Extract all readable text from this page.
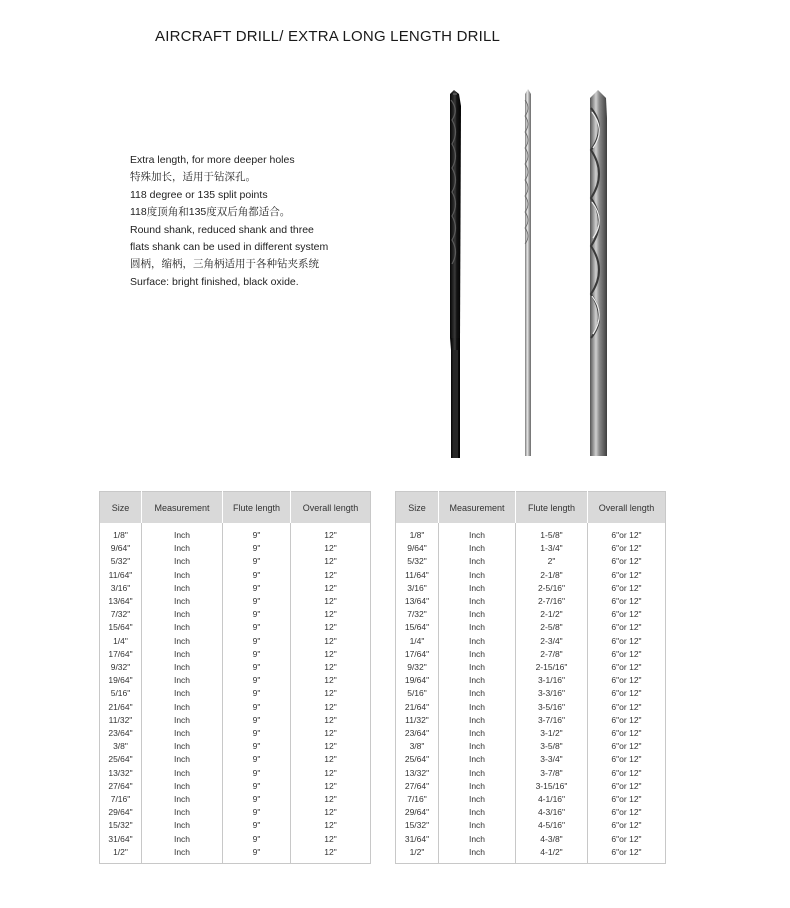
AIRCRAFT DRILL/ EXTRA LONG LENGTH DRILL
Extra length, for more deeper holes
特殊加长，适用于钻深孔。
118 degree or 135 split points
118度顶角和135度双后角都适合。
Round shank, reduced shank and three
flats shank can be used in different system
圆柄，缩柄，三角柄适用于各种钻夹系统
Surface: bright finished, black oxide.
Size	Measurement	Flute length	Overall length
1/8"	Inch	9"	12"
9/64"	Inch	9"	12"
5/32"	Inch	9"	12"
11/64"	Inch	9"	12"
3/16"	Inch	9"	12"
13/64"	Inch	9"	12"
7/32"	Inch	9"	12"
15/64"	Inch	9"	12"
1/4"	Inch	9"	12"
17/64"	Inch	9"	12"
9/32"	Inch	9"	12"
19/64"	Inch	9"	12"
5/16"	Inch	9"	12"
21/64"	Inch	9"	12"
11/32"	Inch	9"	12"
23/64"	Inch	9"	12"
3/8"	Inch	9"	12"
25/64"	Inch	9"	12"
13/32"	Inch	9"	12"
27/64"	Inch	9"	12"
7/16"	Inch	9"	12"
29/64"	Inch	9"	12"
15/32"	Inch	9"	12"
31/64"	Inch	9"	12"
1/2"	Inch	9"	12"
Size	Measurement	Flute length	Overall length
1/8"	Inch	1-5/8"	6"or 12"
9/64"	Inch	1-3/4"	6"or 12"
5/32"	Inch	2"	6"or 12"
11/64"	Inch	2-1/8"	6"or 12"
3/16"	Inch	2-5/16"	6"or 12"
13/64"	Inch	2-7/16"	6"or 12"
7/32"	Inch	2-1/2"	6"or 12"
15/64"	Inch	2-5/8"	6"or 12"
1/4"	Inch	2-3/4"	6"or 12"
17/64"	Inch	2-7/8"	6"or 12"
9/32"	Inch	2-15/16"	6"or 12"
19/64"	Inch	3-1/16"	6"or 12"
5/16"	Inch	3-3/16"	6"or 12"
21/64"	Inch	3-5/16"	6"or 12"
11/32"	Inch	3-7/16"	6"or 12"
23/64"	Inch	3-1/2"	6"or 12"
3/8"	Inch	3-5/8"	6"or 12"
25/64"	Inch	3-3/4"	6"or 12"
13/32"	Inch	3-7/8"	6"or 12"
27/64"	Inch	3-15/16"	6"or 12"
7/16"	Inch	4-1/16"	6"or 12"
29/64"	Inch	4-3/16"	6"or 12"
15/32"	Inch	4-5/16"	6"or 12"
31/64"	Inch	4-3/8"	6"or 12"
1/2"	Inch	4-1/2"	6"or 12"
